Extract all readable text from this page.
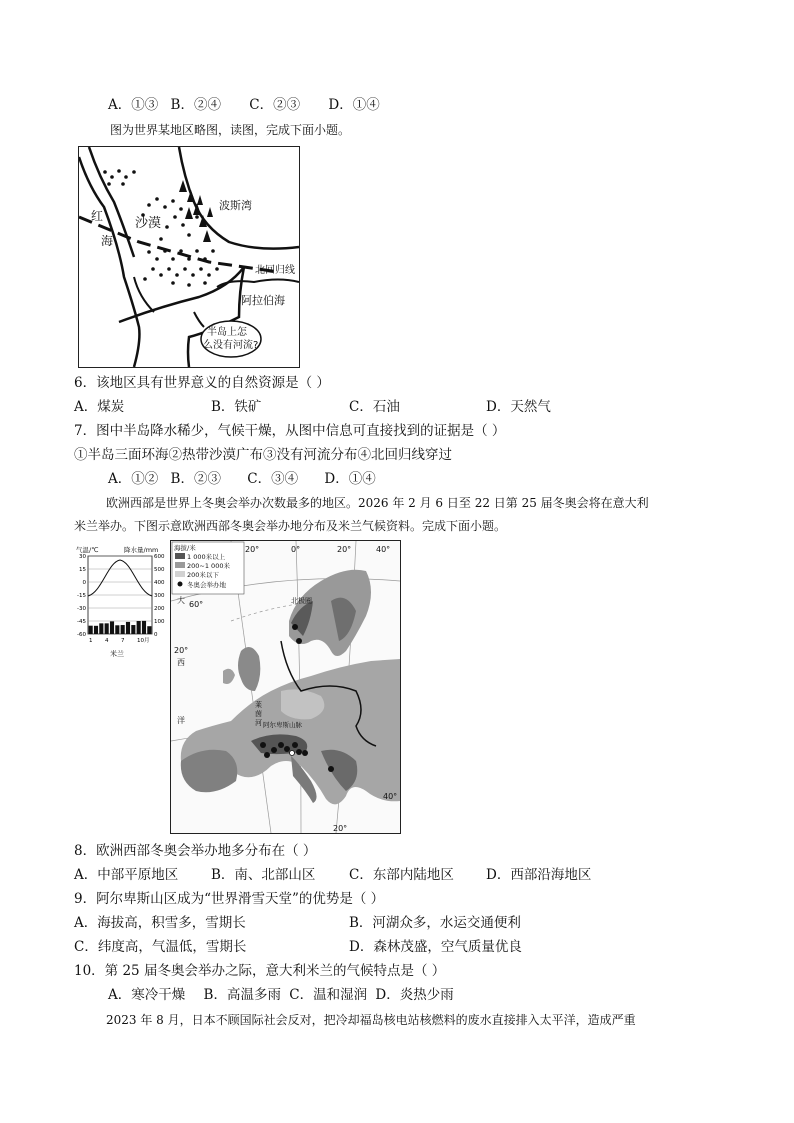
A．①③ B．②④ C．②③ D．①④
图为世界某地区略图，读图，完成下面小题。
半岛上怎
么没有河流?
沙漠
红
海
波斯湾
北回归线
阿拉伯海
6．该地区具有世界意义的自然资源是（ ）
A．煤炭	B．铁矿	C．石油	D．天然气
7．图中半岛降水稀少，气候干燥，从图中信息可直接找到的证据是（ ）
①半岛三面环海②热带沙漠广布③没有河流分布④北回归线穿过
A．①② B．②③ C．③④ D．①④
欧洲西部是世界上冬奥会举办次数最多的地区。2026 年 2 月 6 日至 22 日第 25 届冬奥会将在意大利
米兰举办。下图示意欧洲西部冬奥会举办地分布及米兰气候资料。完成下面小题。
气温/℃	降水量/mm
30
15
0
-15
-30
-45
-60
600
500
400
300
200
100
0
1 4 7 10月
米兰
海拔/米
1 000米以上
200~1 000米
200米以下
冬奥会举办地
20°	0°	20°	40°
60°
20°
40°
20°
北极圈
大
西
洋
莱
茵
河 阿尔卑斯山脉
8．欧洲西部冬奥会举办地多分布在（ ）
A．中部平原地区 B．南、北部山区 C．东部内陆地区 D．西部沿海地区
9．阿尔卑斯山区成为“世界滑雪天堂”的优势是（ ）
A．海拔高，积雪多，雪期长	B．河湖众多，水运交通便利
C．纬度高，气温低，雪期长	D．森林茂盛，空气质量优良
10．第 25 届冬奥会举办之际，意大利米兰的气候特点是（ ）
A．寒冷干燥 B．高温多雨 C．温和湿润 D．炎热少雨
2023 年 8 月，日本不顾国际社会反对，把冷却福岛核电站核燃料的废水直接排入太平洋，造成严重
